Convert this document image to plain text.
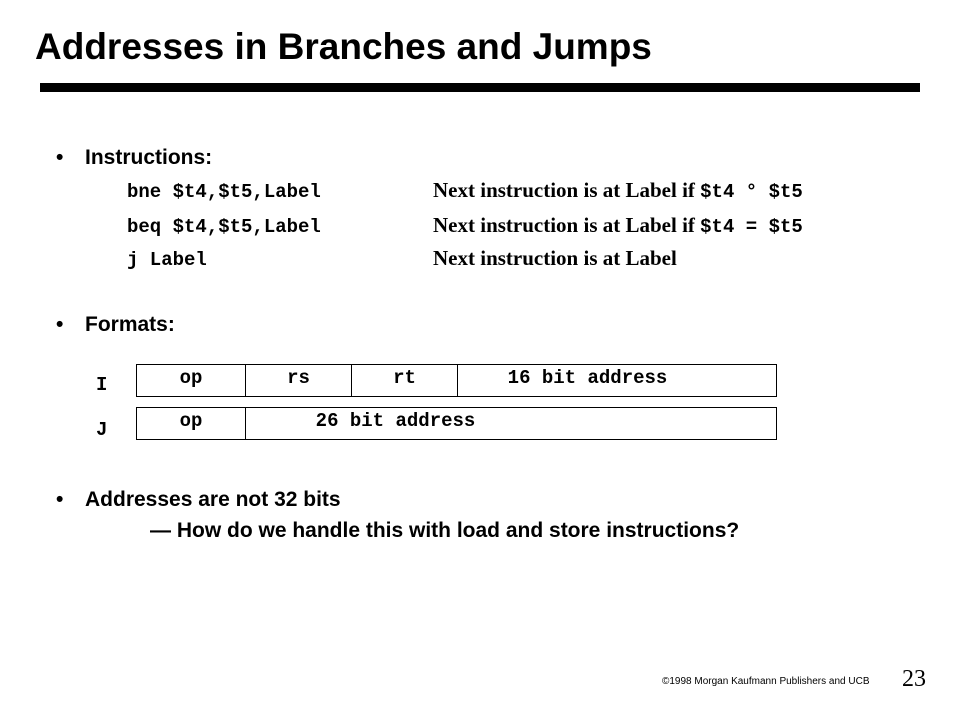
Addresses in Branches and Jumps
• Instructions:
bne $t4,$t5,Label	Next instruction is at Label if $t4 ° $t5
beq $t4,$t5,Label	Next instruction is at Label if $t4 = $t5
j Label	Next instruction is at Label
• Formats:
I	op	rs	rt	16 bit address
J	op	26 bit address
• Addresses are not 32 bits
— How do we handle this with load and store instructions?
©1998 Morgan Kaufmann Publishers and UCB 23
